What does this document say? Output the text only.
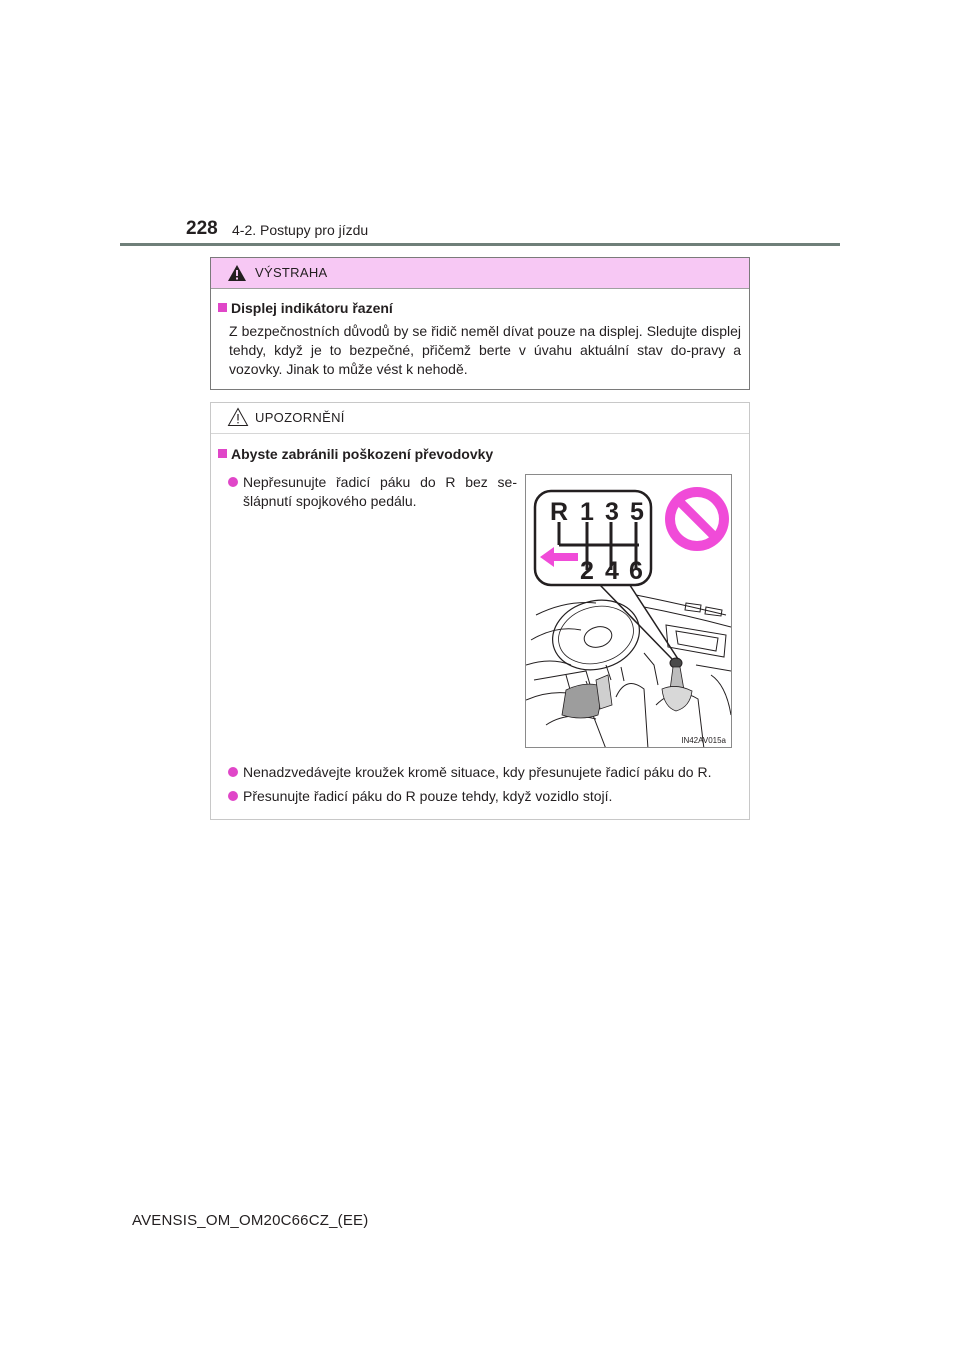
228 4-2. Postupy pro jízdu
VÝSTRAHA
Displej indikátoru řazení
Z bezpečnostních důvodů by se řidič neměl dívat pouze na displej. Sledujte displej tehdy, když je to bezpečné, přičemž berte v úvahu aktuální stav do-pravy a vozovky. Jinak to může vést k nehodě.
UPOZORNĚNÍ
Abyste zabránili poškození převodovky
Nepřesunujte řadicí páku do R bez se-šlápnutí spojkového pedálu.
Nenadzvedávejte kroužek kromě situace, kdy přesunujete řadicí páku do R.
Přesunujte řadicí páku do R pouze tehdy, když vozidlo stojí.
R 1 3 5
2 4 6
IN42AV015a
AVENSIS_OM_OM20C66CZ_(EE)
